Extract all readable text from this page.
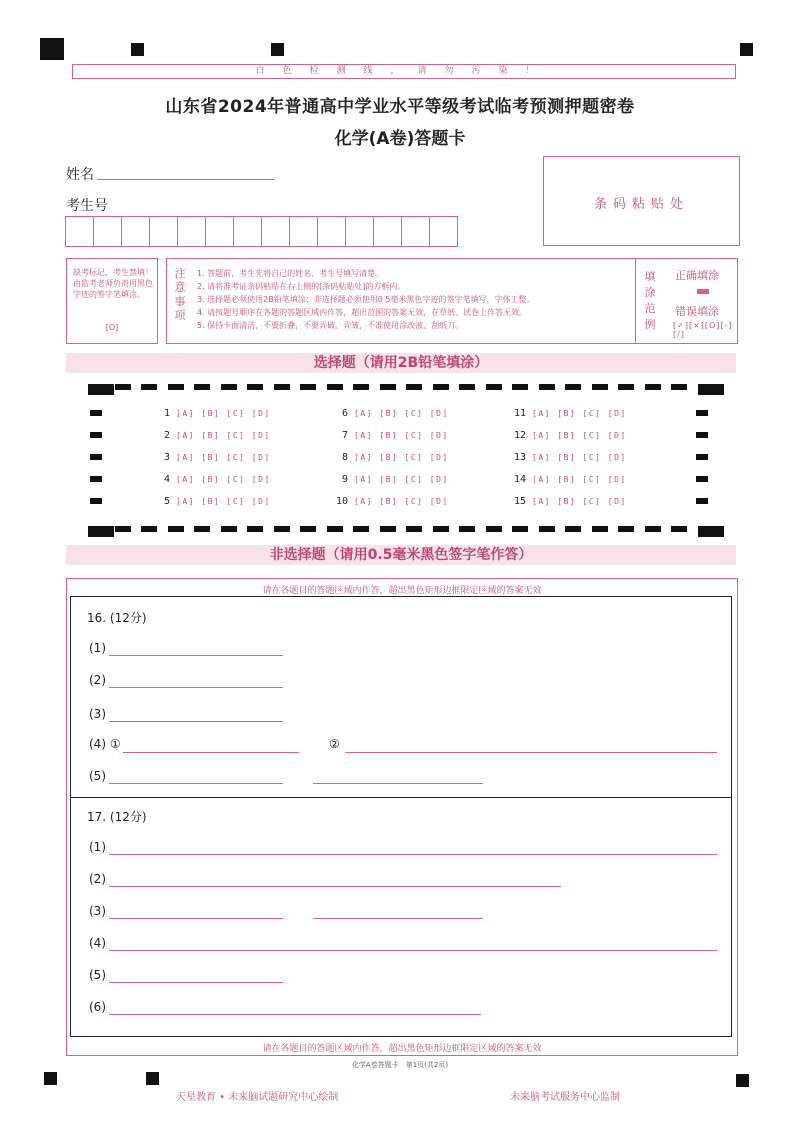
白色检测线，请勿污染！
山东省2024年普通高中学业水平等级考试临考预测押题密卷
化学(A卷)答题卡
姓名
考生号	条码粘贴处
缺考标记，考生禁填！由监考老师负责用黑色字迹的签字笔填涂。
[O]
注意事项
1. 答题前，考生先将自己的姓名、考生号填写清楚。
2. 请将准考证条码粘贴在右上侧的[条码粘贴处]的方框内。
3. 选择题必须使用2B铅笔填涂；非选择题必须使用0.5毫米黑色字迹的签字笔填写，字体工整。
4. 请按题号顺序在各题的答题区域内作答，超出范围的答案无效，在草纸、试卷上作答无效。
5. 保持卡面清洁，不要折叠，不要弄破、弄皱，不准使用涂改液、刮纸刀。
填涂范例
正确填涂
错误填涂
[✓][×][O][-][/]
选择题（请用2B铅笔填涂）
非选择题（请用0.5毫米黑色签字笔作答）
请在各题目的答题区域内作答，超出黑色矩形边框限定区域的答案无效
请在各题目的答题区域内作答，超出黑色矩形边框限定区域的答案无效
16. (12分)
(1)
(2)
(3)
(4) ①	②
(5)
17. (12分)
(1)
(2)
(3)
(4)
(5)
(6)
化学A卷答题卡　第1页(共2页)
天星教育 • 未来脑试题研究中心绘制	未来脑考试服务中心监制
1 [A] [B] [C] [D]
2 [A] [B] [C] [D]
3 [A] [B] [C] [D]
4 [A] [B] [C] [D]
5 [A] [B] [C] [D]
6 [A] [B] [C] [D]
7 [A] [B] [C] [D]
8 [A] [B] [C] [D]
9 [A] [B] [C] [D]
10 [A] [B] [C] [D]
11 [A] [B] [C] [D]
12 [A] [B] [C] [D]
13 [A] [B] [C] [D]
14 [A] [B] [C] [D]
15 [A] [B] [C] [D]
